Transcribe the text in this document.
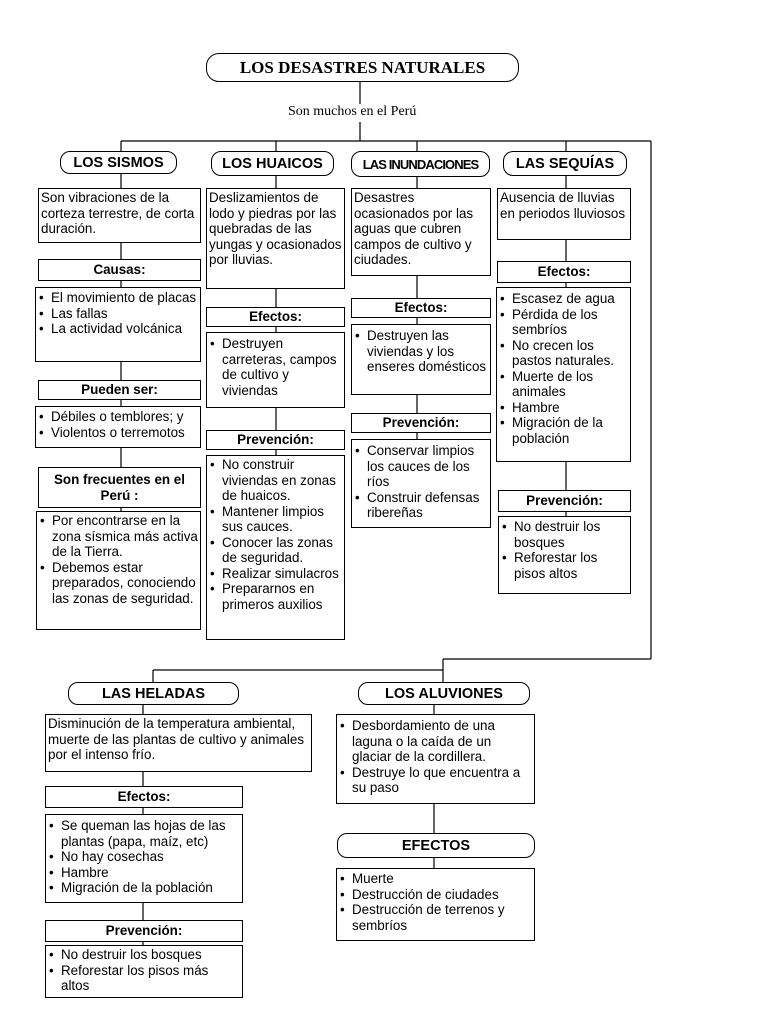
LOS DESASTRES NATURALES
Son muchos en el Perú
LOS SISMOS
Son vibraciones de la corteza terrestre, de corta duración.
Causas:
• El movimiento de placas
• Las fallas
• La actividad volcánica
Pueden ser:
• Débiles o temblores; y
• Violentos o terremotos
Son frecuentes en el Perú :
• Por encontrarse en la zona sísmica más activa de la Tierra.
• Debemos estar preparados, conociendo las zonas de seguridad.
LOS HUAICOS
Deslizamientos de lodo y piedras por las quebradas de las yungas y ocasionados por lluvias.
Efectos:
• Destruyen carreteras, campos de cultivo y viviendas
Prevención:
• No construir viviendas en zonas de huaicos.
• Mantener limpios sus cauces.
• Conocer las zonas de seguridad.
• Realizar simulacros
• Prepararnos en primeros auxilios
LAS INUNDACIONES
Desastres ocasionados por las aguas que cubren campos de cultivo y ciudades.
Efectos:
• Destruyen las viviendas y los enseres domésticos
Prevención:
• Conservar limpios los cauces de los ríos
• Construir defensas ribereñas
LAS SEQUÍAS
Ausencia de lluvias en periodos lluviosos
Efectos:
• Escasez de agua
• Pérdida de los sembríos
• No crecen los pastos naturales.
• Muerte de los animales
• Hambre
• Migración de la población
Prevención:
• No destruir los bosques
• Reforestar los pisos altos
LAS HELADAS
Disminución de la temperatura ambiental, muerte de las plantas de cultivo y animales por el intenso frío.
Efectos:
• Se queman las hojas de las plantas (papa, maíz, etc)
• No hay cosechas
• Hambre
• Migración de la población
Prevención:
• No destruir los bosques
• Reforestar los pisos más altos
LOS ALUVIONES
• Desbordamiento de una laguna o la caída de un glaciar de la cordillera.
• Destruye lo que encuentra a su paso
EFECTOS
• Muerte
• Destrucción de ciudades
• Destrucción de terrenos y sembríos
